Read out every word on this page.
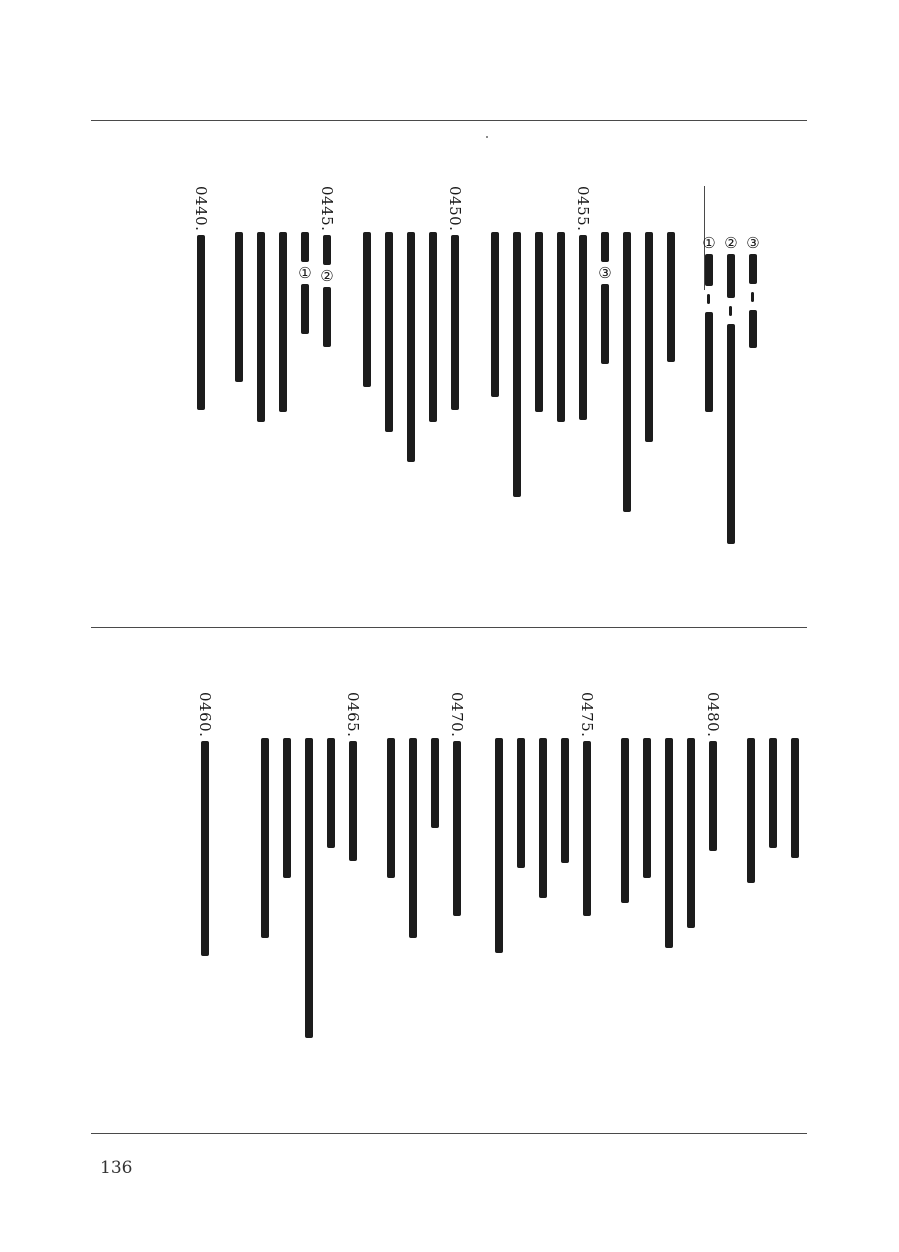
③
②
①
③
0455.
0450.
0445.
②
①
0440.
0480.
0475.
0470.
0465.
0460.
136
